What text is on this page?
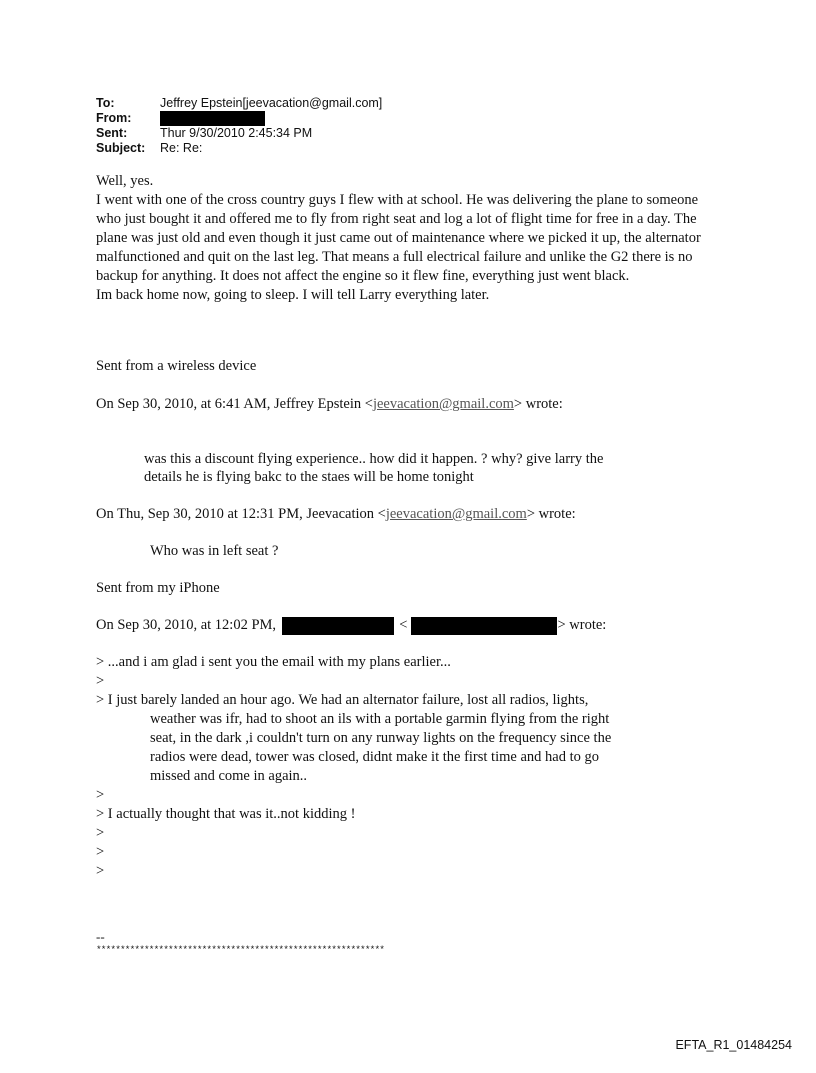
To:	Jeffrey Epstein[jeevacation@gmail.com]
From:
Sent:	Thur 9/30/2010 2:45:34 PM
Subject:	Re: Re:

Well, yes.

I went with one of the cross country guys I flew with at school. He was delivering the plane to someone who just bought it and offered me to fly from right seat and log a lot of flight time for free in a day. The plane was just old and even though it just came out of maintenance where we picked it up, the alternator malfunctioned and quit on the last leg. That means a full electrical failure and unlike the G2 there is no backup for anything. It does not affect the engine so it flew fine, everything just went black.

Im back home now, going to sleep. I will tell Larry everything later.

Sent from a wireless device
On Sep 30, 2010, at 6:41 AM, Jeffrey Epstein <jeevacation@gmail.com> wrote:
was this a discount flying experience.. how did it happen. ? why? give larry the
details he is flying bakc to the staes will be home tonight
On Thu, Sep 30, 2010 at 12:31 PM, Jeevacation <jeevacation@gmail.com> wrote:
Who was in left seat ?
Sent from my iPhone
On Sep 30, 2010, at 12:02 PM,	<	> wrote:
> ...and i am glad i sent you the email with my plans earlier...
>
> I just barely landed an hour ago. We had an alternator failure, lost all radios, lights,
weather was ifr, had to shoot an ils with a portable garmin flying from the right
seat, in the dark ,i couldn't turn on any runway lights on the frequency since the
radios were dead, tower was closed, didnt make it the first time and had to go
missed and come in again..
>
> I actually thought that was it..not kidding !
>
>
>
--
************************************************************
EFTA_R1_01484254
